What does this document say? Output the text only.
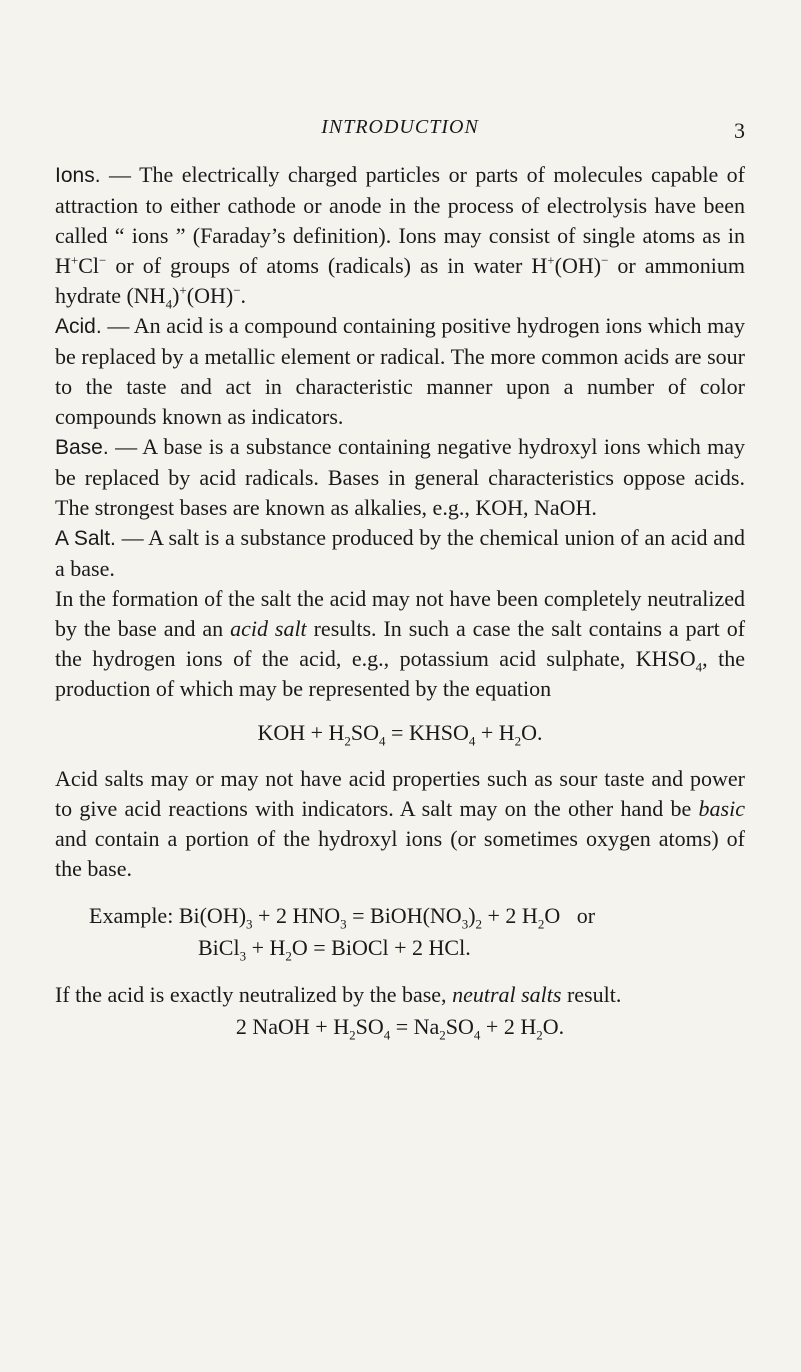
INTRODUCTION	3

Ions. — The electrically charged particles or parts of molecules capable of attraction to either cathode or anode in the process of electrolysis have been called “ ions ” (Faraday’s definition). Ions may consist of single atoms as in H+Cl− or of groups of atoms (radicals) as in water H+(OH)− or ammonium hydrate $(NH_4)^+(OH)^-$.

Acid. — An acid is a compound containing positive hydrogen ions which may be replaced by a metallic element or radical. The more common acids are sour to the taste and act in characteristic manner upon a number of color compounds known as indicators.

Base. — A base is a substance containing negative hydroxyl ions which may be replaced by acid radicals. Bases in general characteristics oppose acids. The strongest bases are known as alkalies, e.g., KOH, NaOH.

A Salt. — A salt is a substance produced by the chemical union of an acid and a base.

In the formation of the salt the acid may not have been completely neutralized by the base and an acid salt results. In such a case the salt contains a part of the hydrogen ions of the acid, e.g., potassium acid sulphate, $KHSO_4$, the production of which may be represented by the equation

KOH + $H_2SO_4$ = $KHSO_4 + H_2O$.

Acid salts may or may not have acid properties such as sour taste and power to give acid reactions with indicators. A salt may on the other hand be basic and contain a portion of the hydroxyl ions (or sometimes oxygen atoms) of the base.

Example: $Bi(OH)_3 + 2$ $HNO_3$ = $BiOH(NO_3)_2 + 2$ $H_2O$   or
BiCl$_3$ + $H_2O$ = BiOCl + 2 HCl.

If the acid is exactly neutralized by the base, neutral salts result.

2 NaOH + $H_2SO_4 = Na_2SO_4 + 2$ $H_2O$.
